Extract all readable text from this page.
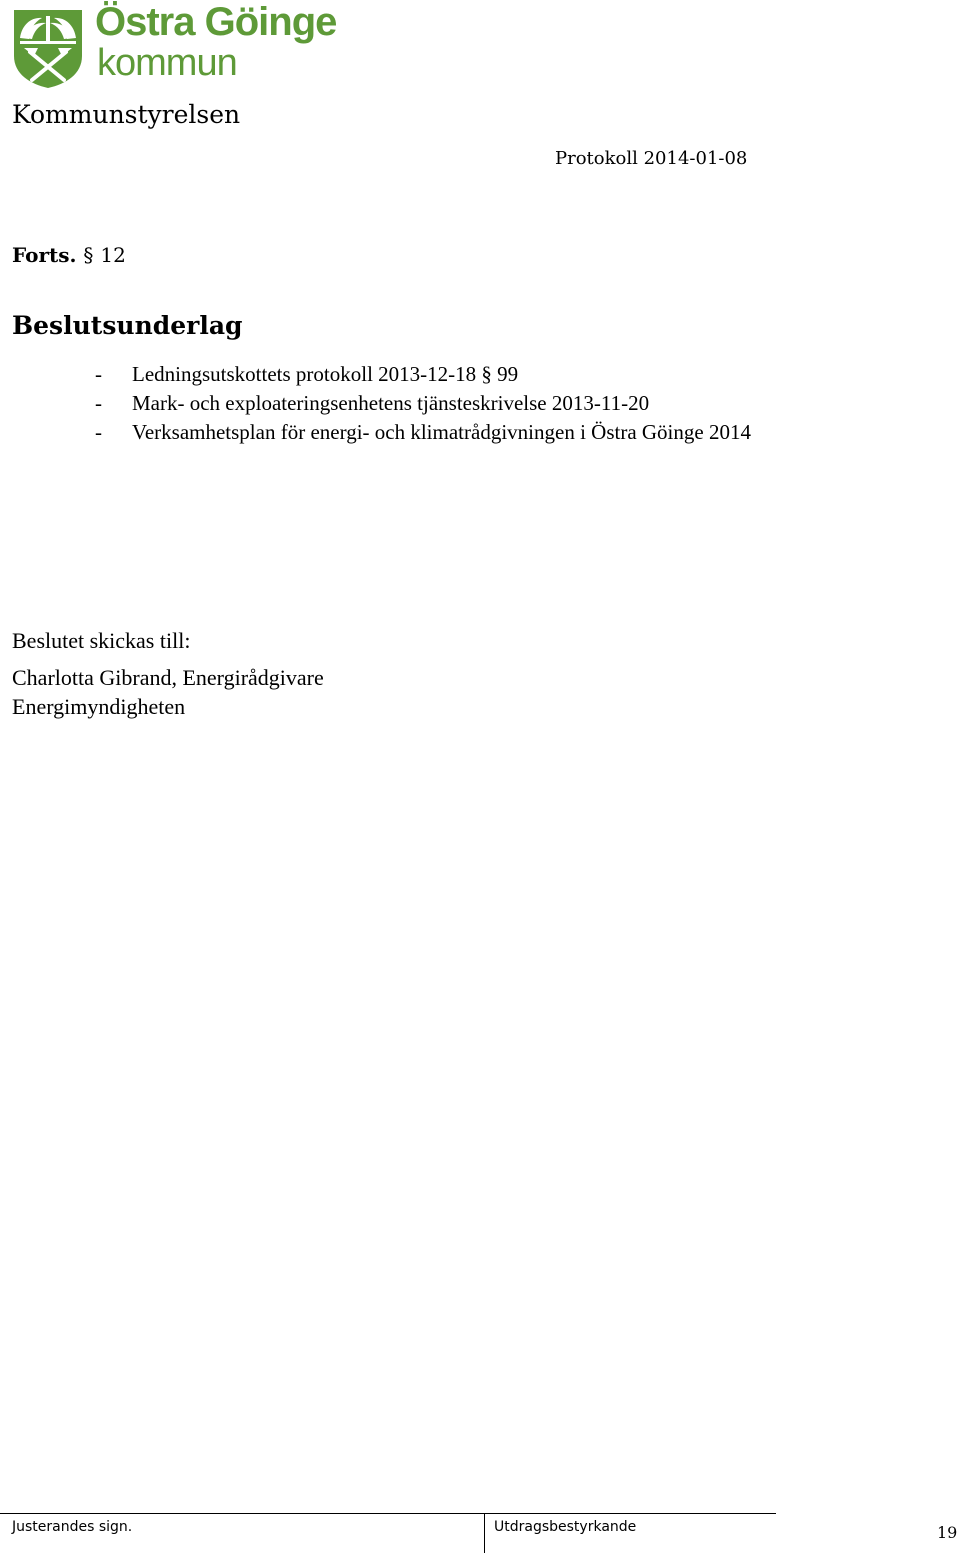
Östra Göinge
kommun
Kommunstyrelsen
Protokoll 2014-01-08
Forts. § 12
Beslutsunderlag
-	Ledningsutskottets protokoll 2013-12-18 § 99
-	Mark- och exploateringsenhetens tjänsteskrivelse 2013-11-20
-	Verksamhetsplan för energi- och klimatrådgivningen i Östra Göinge 2014
Beslutet skickas till:
Charlotta Gibrand, Energirådgivare
Energimyndigheten
Justerandes sign.	Utdragsbestyrkande	19
